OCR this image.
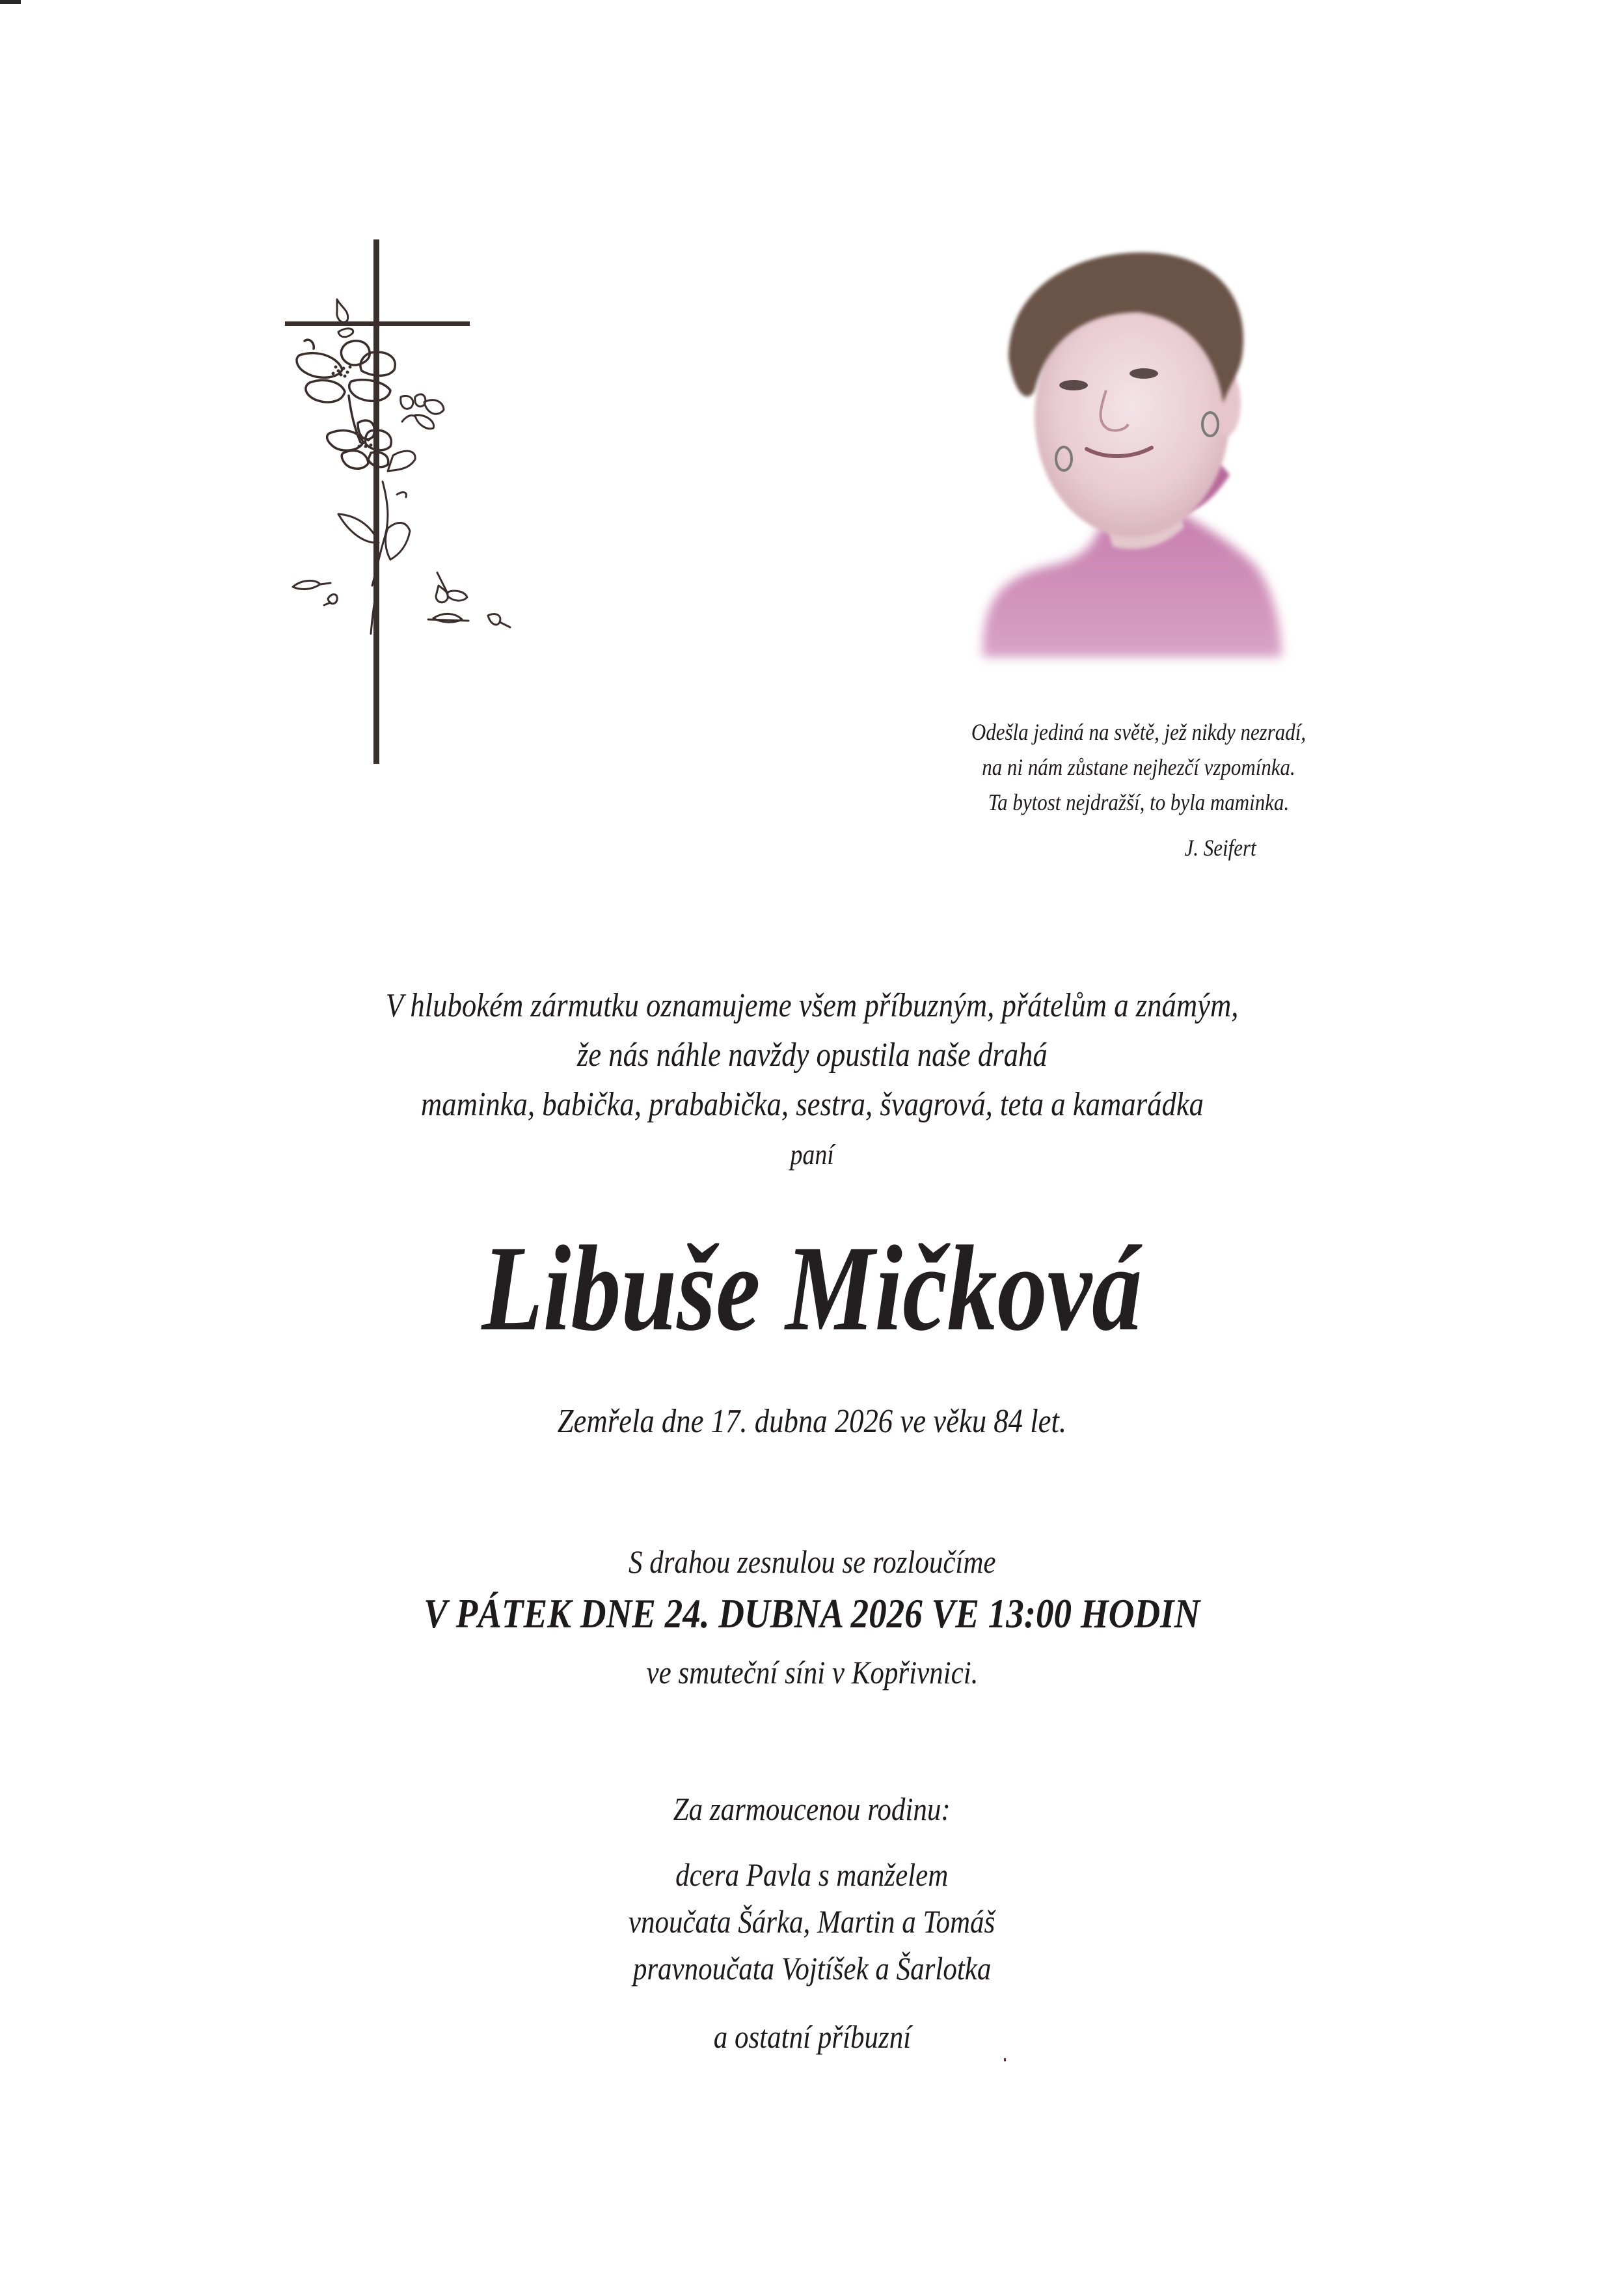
Odešla jediná na světě, jež nikdy nezradí,
na ni nám zůstane nejhezčí vzpomínka.
Ta bytost nejdražší, to byla maminka.
J. Seifert
V hlubokém zármutku oznamujeme všem příbuzným, přátelům a známým,
že nás náhle navždy opustila naše drahá
maminka, babička, prababička, sestra, švagrová, teta a kamarádka
paní
Libuše Mičková
Zemřela dne 17. dubna 2026 ve věku 84 let.
S drahou zesnulou se rozloučíme
V PÁTEK DNE 24. DUBNA 2026 VE 13:00 HODIN
ve smuteční síni v Kopřivnici.
Za zarmoucenou rodinu:
dcera Pavla s manželem
vnoučata Šárka, Martin a Tomáš
pravnoučata Vojtíšek a Šarlotka
a ostatní příbuzní
